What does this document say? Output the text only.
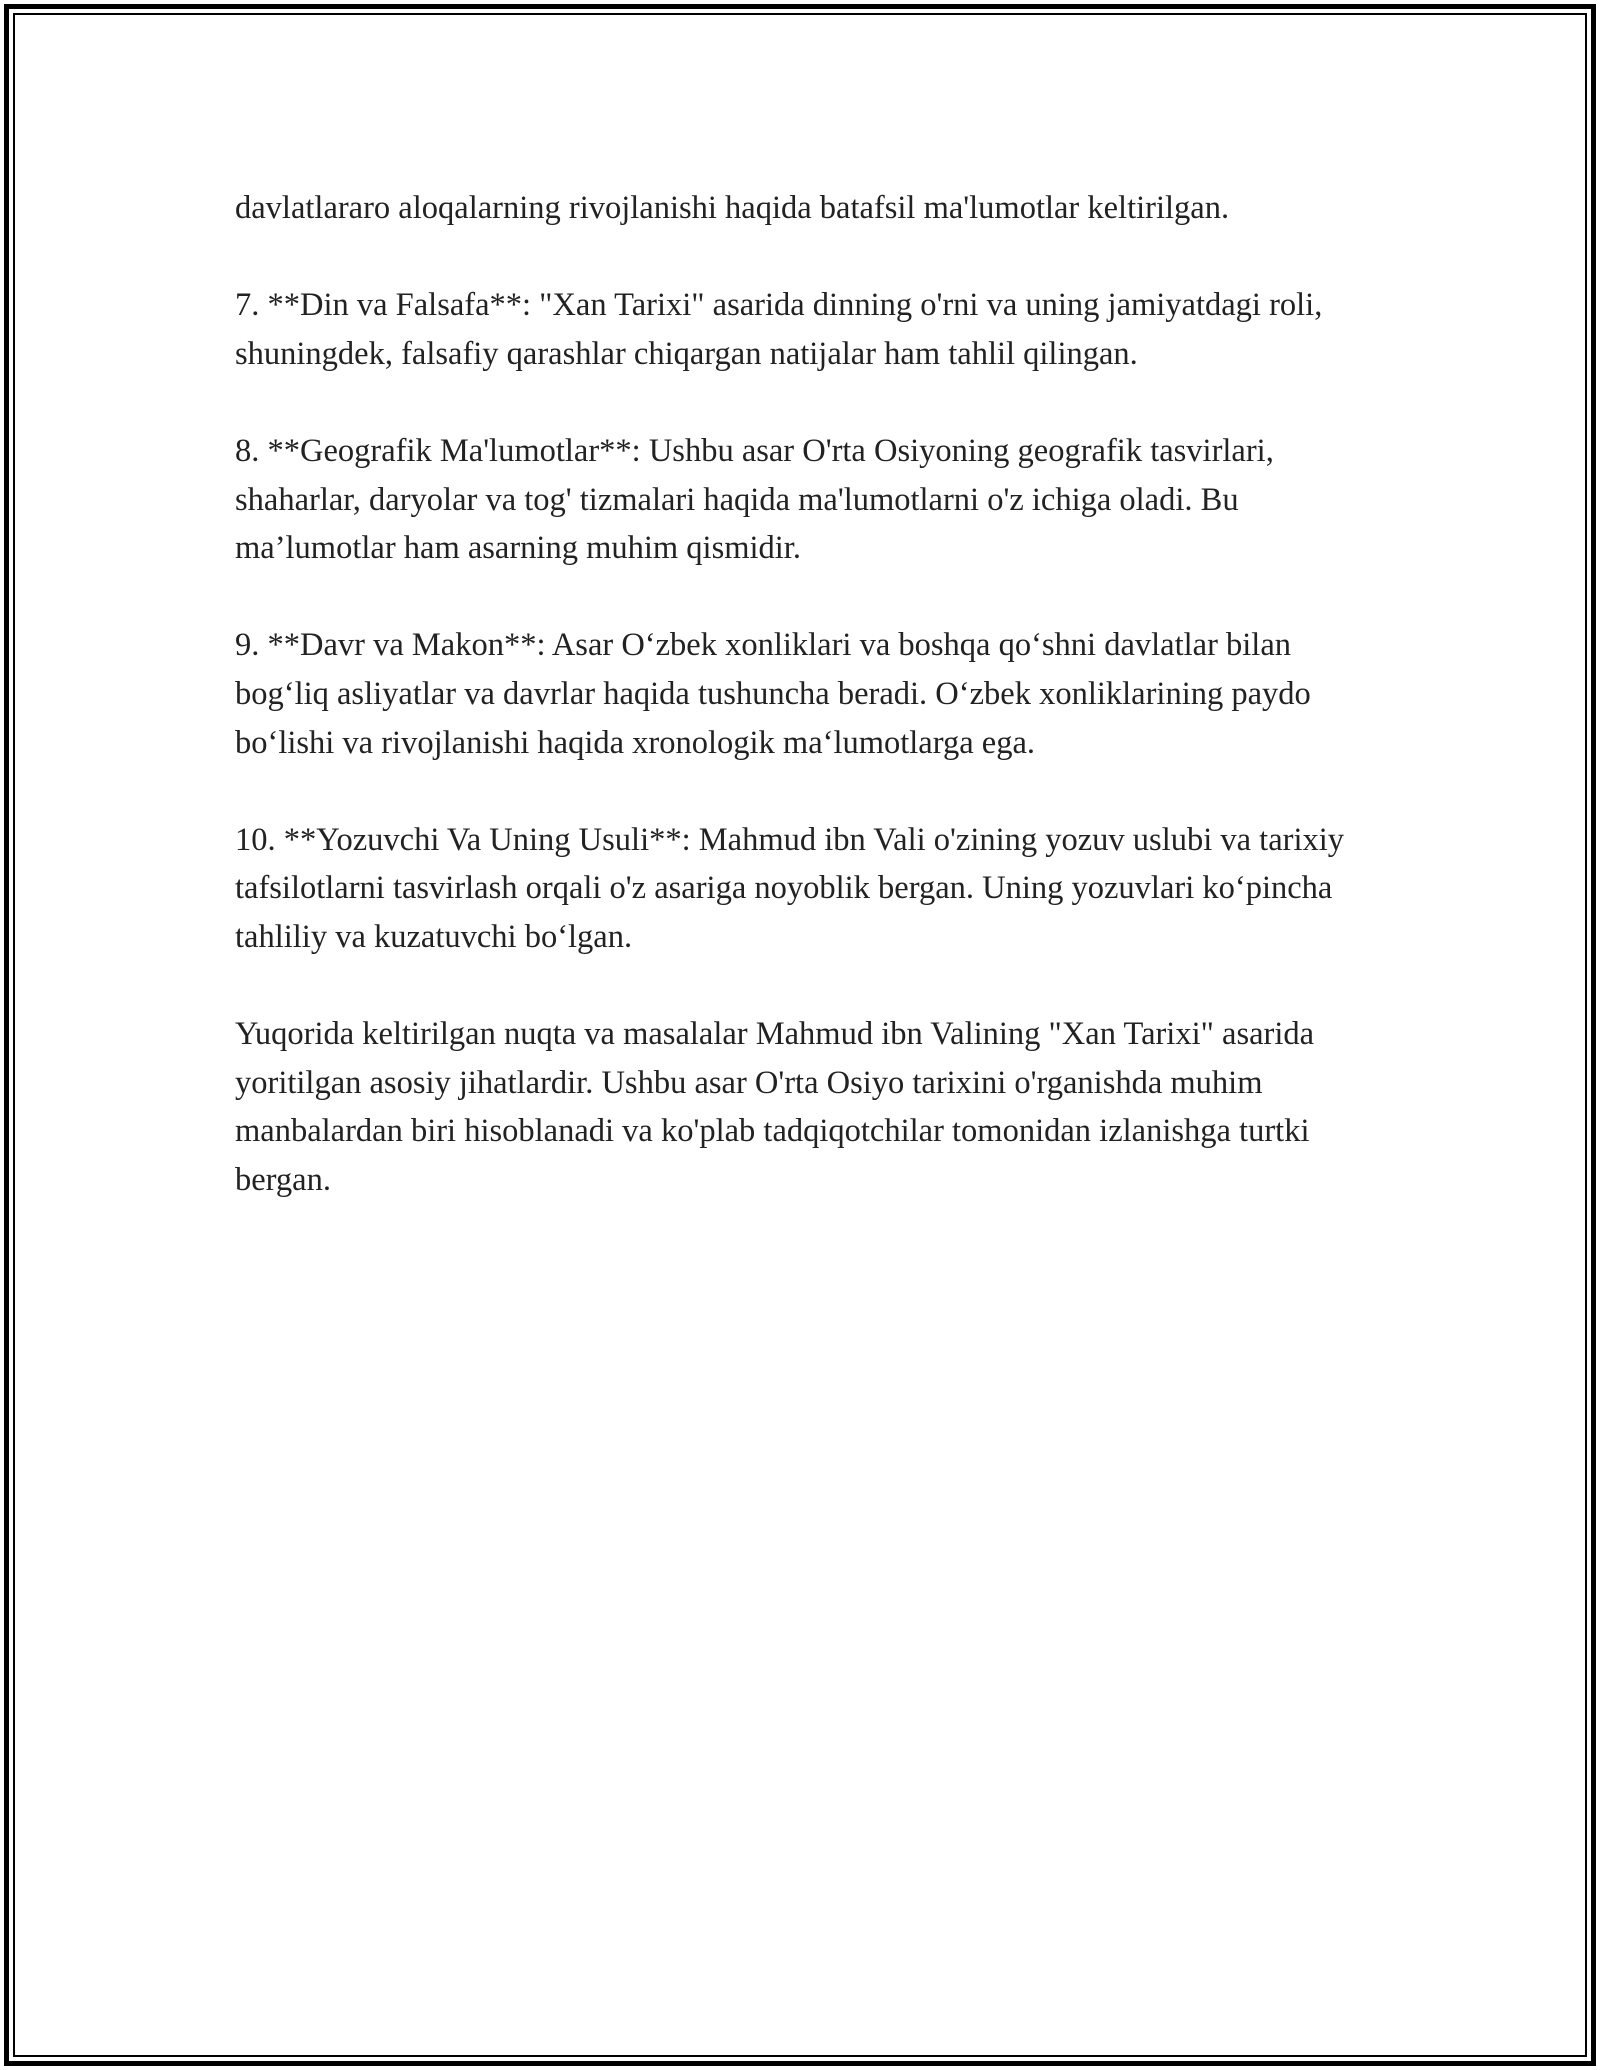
davlatlararo aloqalarning rivojlanishi haqida batafsil ma'lumotlar keltirilgan.

7. **Din va Falsafa**: "Xan Tarixi" asarida dinning o'rni va uning jamiyatdagi roli, shuningdek, falsafiy qarashlar chiqargan natijalar ham tahlil qilingan.

8. **Geografik Ma'lumotlar**: Ushbu asar O'rta Osiyoning geografik tasvirlari, shaharlar, daryolar va tog' tizmalari haqida ma'lumotlarni o'z ichiga oladi. Bu ma’lumotlar ham asarning muhim qismidir.

9. **Davr va Makon**: Asar O‘zbek xonliklari va boshqa qo‘shni davlatlar bilan bog‘liq asliyatlar va davrlar haqida tushuncha beradi. O‘zbek xonliklarining paydo bo‘lishi va rivojlanishi haqida xronologik ma‘lumotlarga ega.

10. **Yozuvchi Va Uning Usuli**: Mahmud ibn Vali o'zining yozuv uslubi va tarixiy tafsilotlarni tasvirlash orqali o'z asariga noyoblik bergan. Uning yozuvlari ko‘pincha tahliliy va kuzatuvchi bo‘lgan.

Yuqorida keltirilgan nuqta va masalalar Mahmud ibn Valining "Xan Tarixi" asarida yoritilgan asosiy jihatlardir. Ushbu asar O'rta Osiyo tarixini o'rganishda muhim manbalardan biri hisoblanadi va ko'plab tadqiqotchilar tomonidan izlanishga turtki bergan.
